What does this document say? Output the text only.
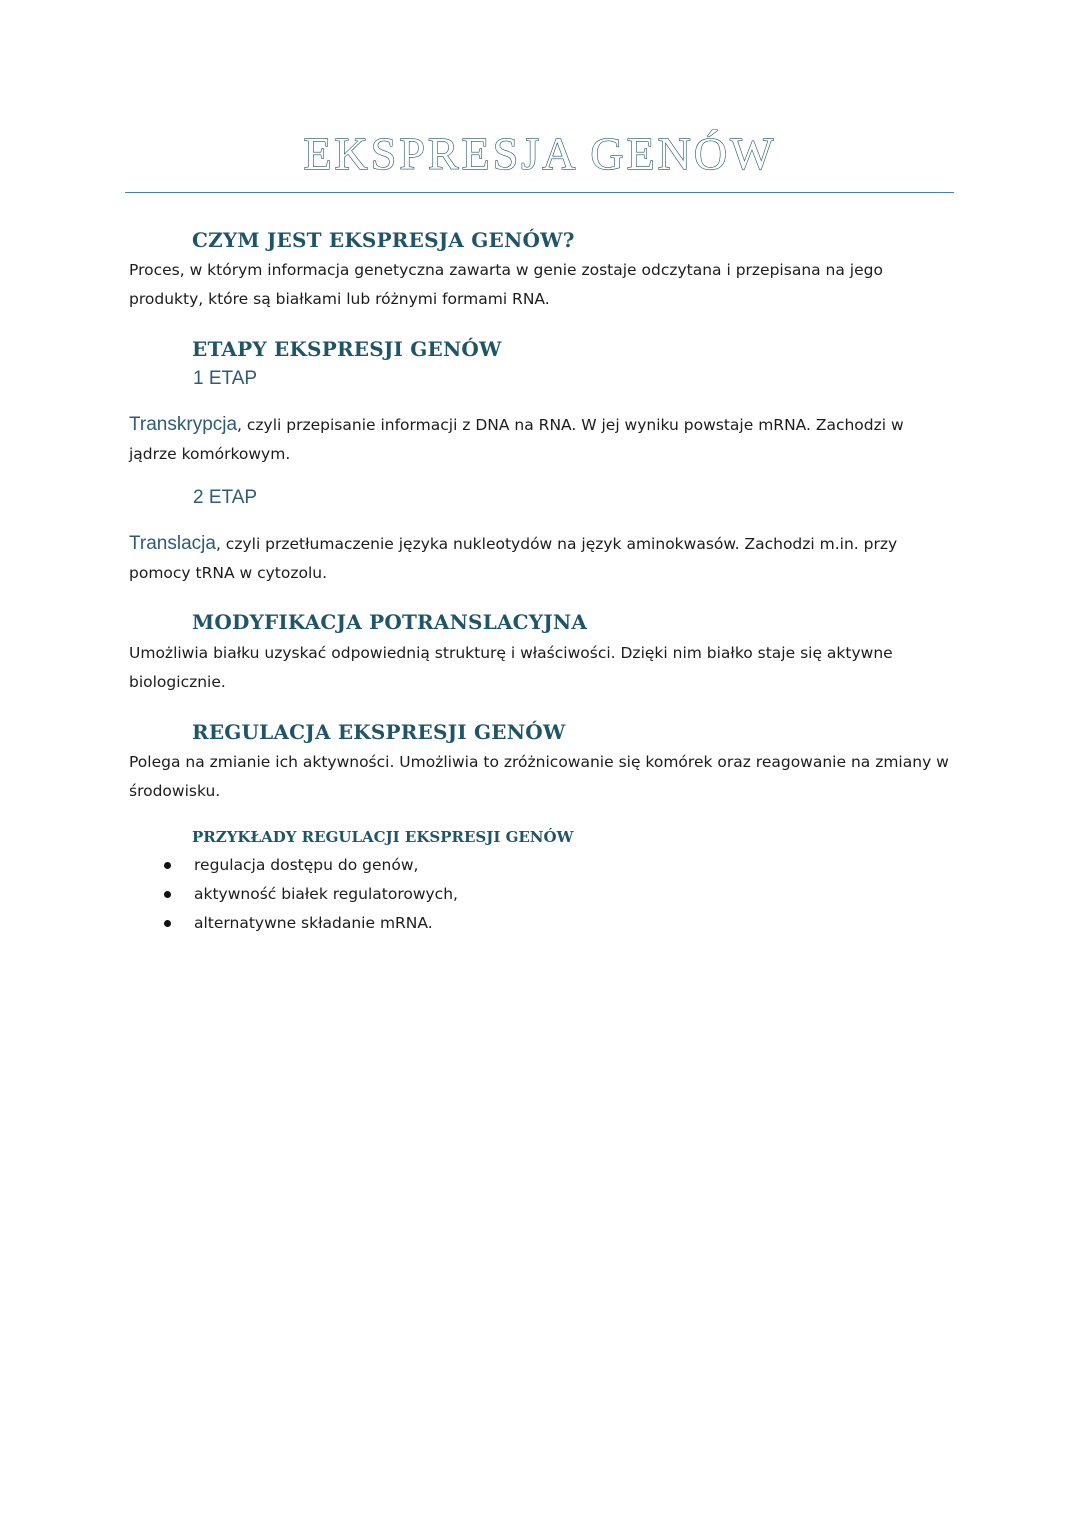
EKSPRESJA GENÓW
CZYM JEST EKSPRESJA GENÓW?
Proces, w którym informacja genetyczna zawarta w genie zostaje odczytana i przepisana na jego produkty, które są białkami lub różnymi formami RNA.
ETAPY EKSPRESJI GENÓW
1 ETAP
Transkrypcja, czyli przepisanie informacji z DNA na RNA. W jej wyniku powstaje mRNA. Zachodzi w jądrze komórkowym.
2 ETAP
Translacja, czyli przetłumaczenie języka nukleotydów na język aminokwasów. Zachodzi m.in. przy pomocy tRNA w cytozolu.
MODYFIKACJA POTRANSLACYJNA
Umożliwia białku uzyskać odpowiednią strukturę i właściwości. Dzięki nim białko staje się aktywne biologicznie.
REGULACJA EKSPRESJI GENÓW
Polega na zmianie ich aktywności. Umożliwia to zróżnicowanie się komórek oraz reagowanie na zmiany w środowisku.
PRZYKŁADY REGULACJI EKSPRESJI GENÓW
regulacja dostępu do genów,
aktywność białek regulatorowych,
alternatywne składanie mRNA.
